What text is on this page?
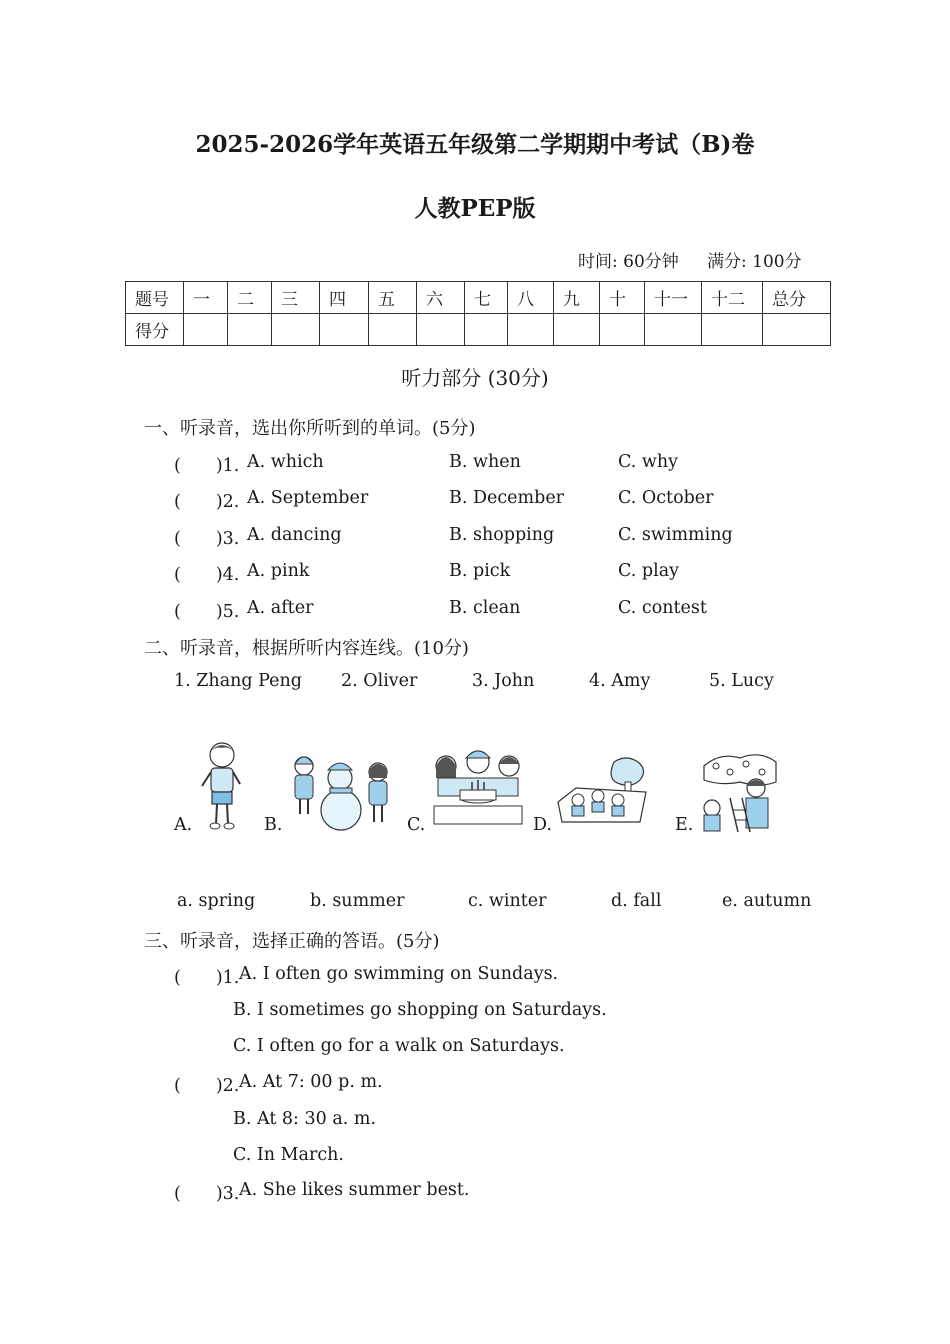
2025-2026学年英语五年级第二学期期中考试（B)卷
人教PEP版
时间: 60分钟 满分: 100分
题号	一	二	三	四	五	六	七	八	九	十	十一	十二	总分
得分													
听力部分 (30分)
一、听录音，选出你所听到的单词。(5分)
(　　)1. A. which	B. when	C. why
(　　)2. A. September	B. December	C. October
(　　)3. A. dancing	B. shopping	C. swimming
(　　)4. A. pink	B. pick	C. play
(　　)5. A. after	B. clean	C. contest
二、听录音，根据所听内容连线。(10分)
1. Zhang Peng 2. Oliver	3. John	4. Amy	5. Lucy
A.	B.	C.	D.	E.
a. spring	b. summer	c. winter	d. fall	e. autumn
三、听录音，选择正确的答语。(5分)
(　　)1. A. I often go swimming on Sundays.
B. I sometimes go shopping on Saturdays.
C. I often go for a walk on Saturdays.
(　　)2. A. At 7: 00 p. m.
B. At 8: 30 a. m.
C. In March.
(　　)3. A. She likes summer best.
